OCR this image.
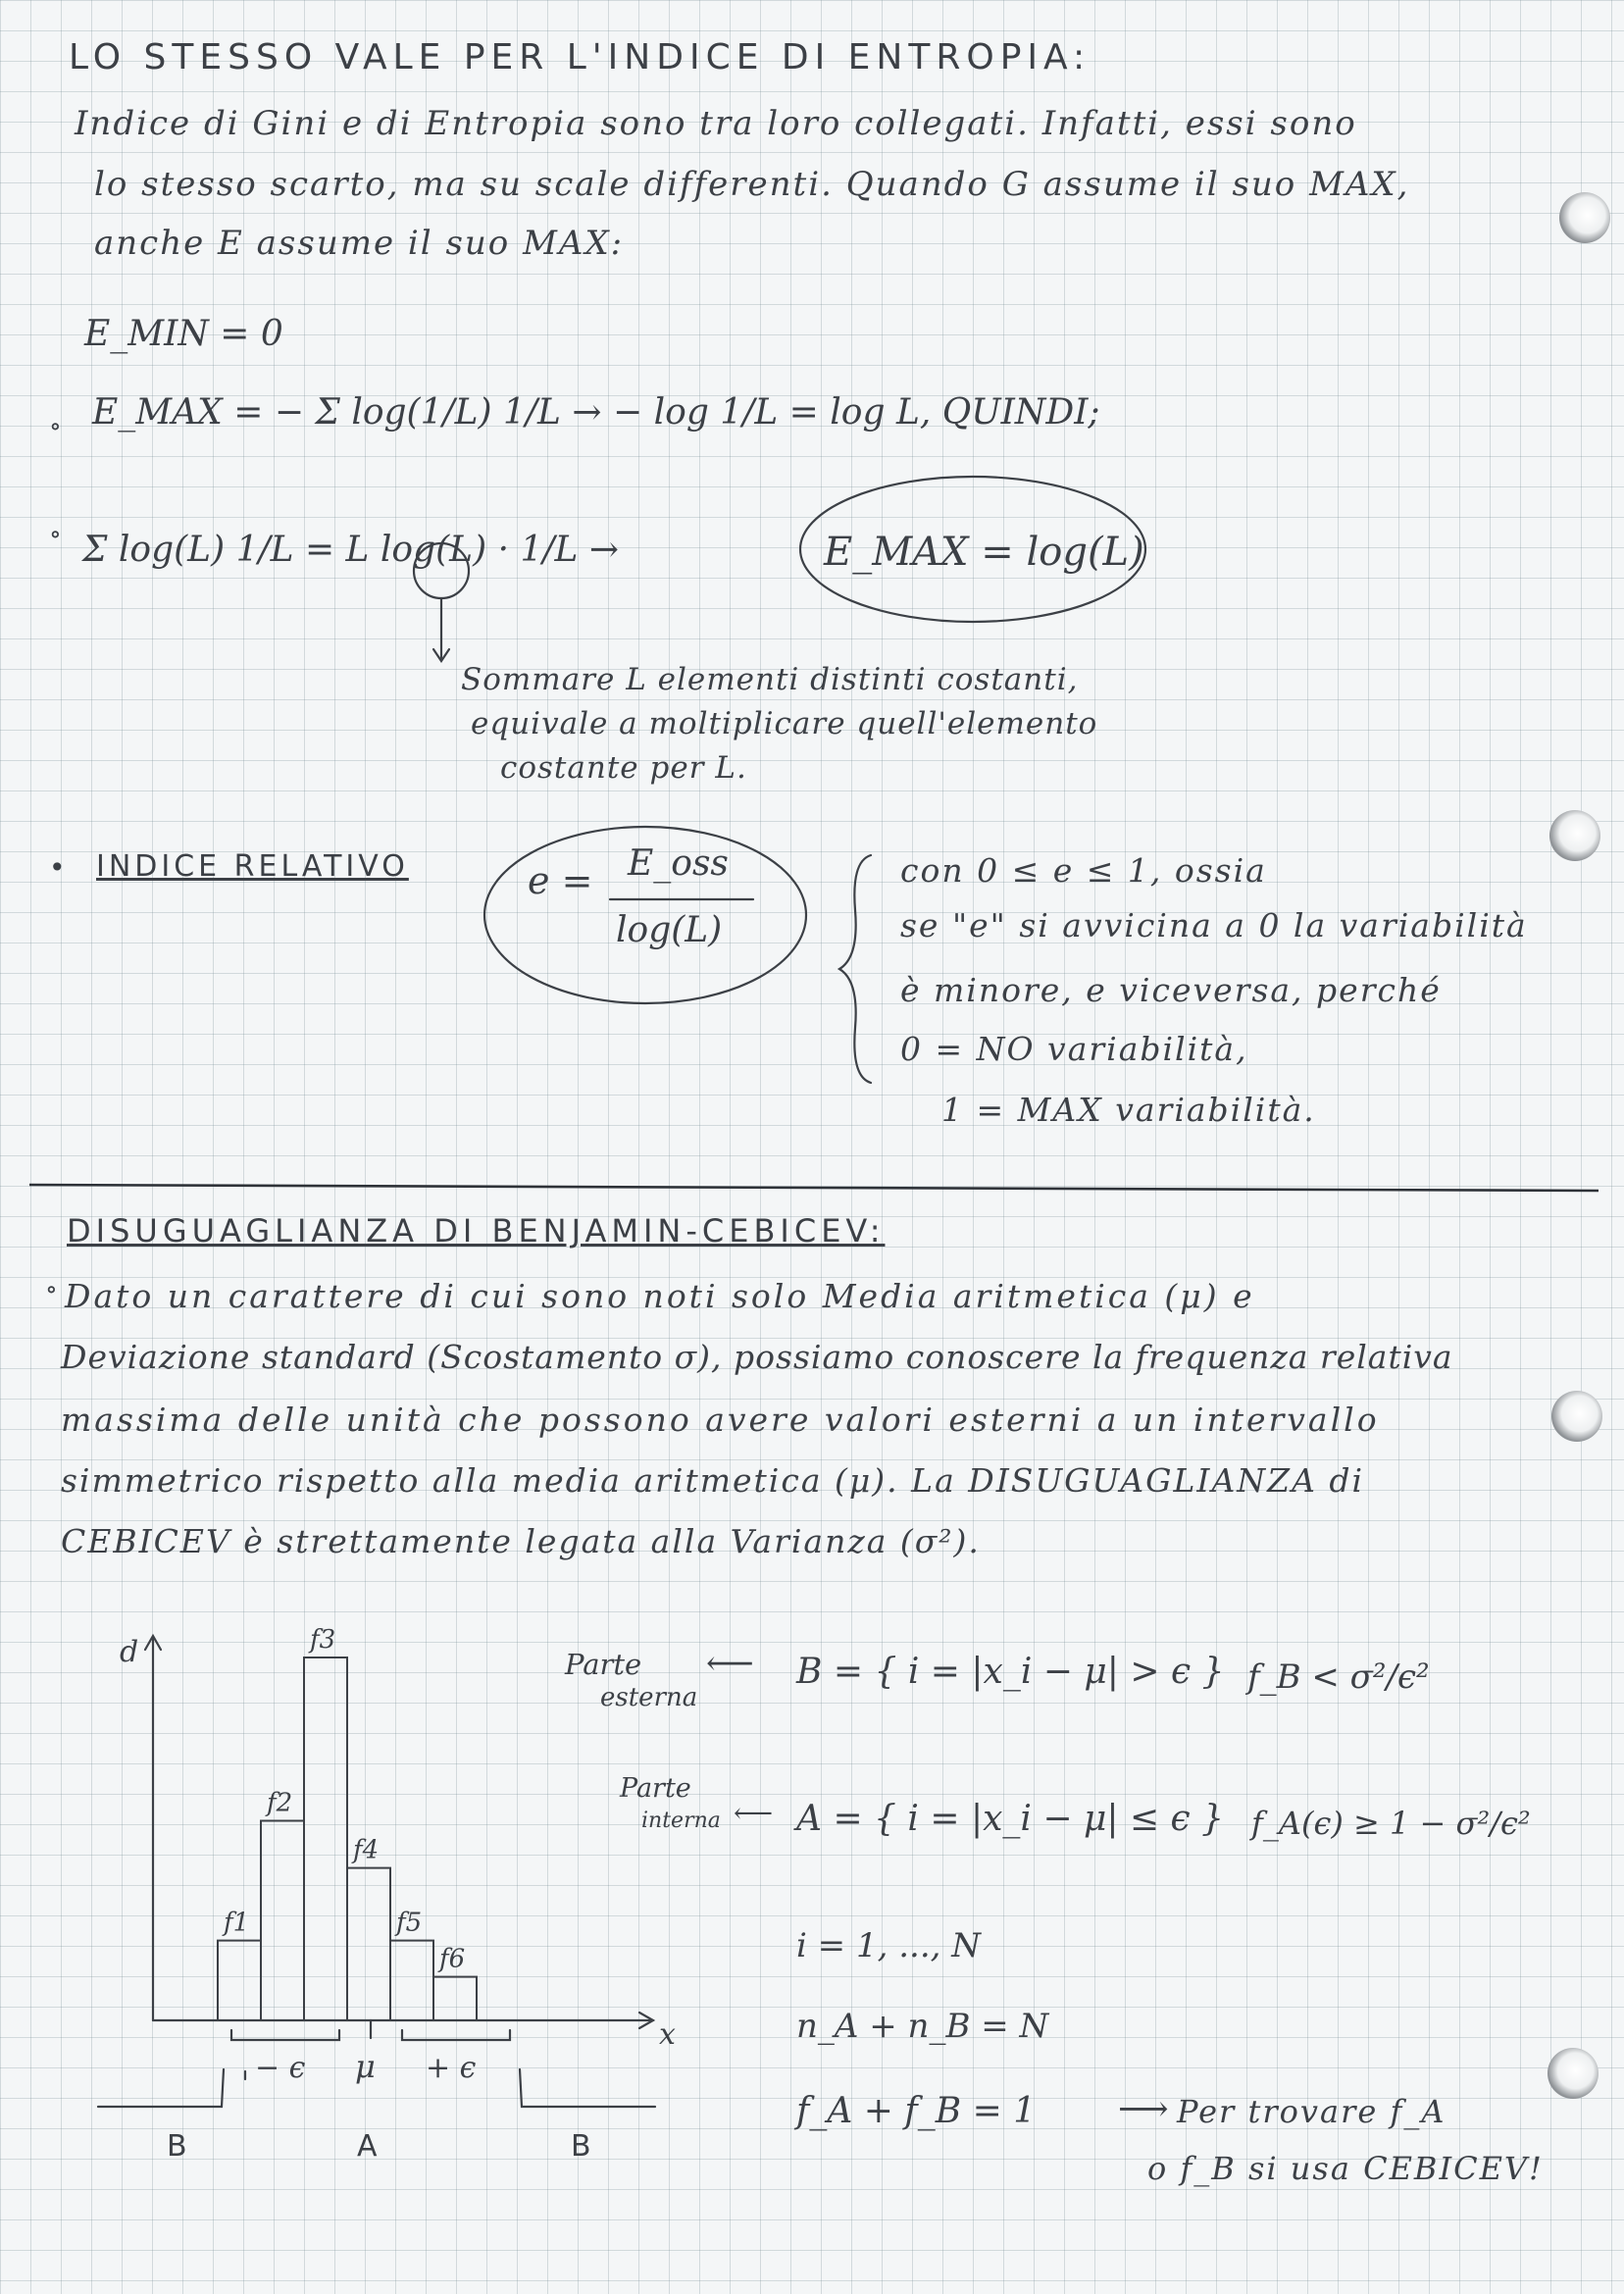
LO STESSO VALE PER L'INDICE DI ENTROPIA:
Indice di Gini e di Entropia sono tra loro collegati. Infatti, essi sono
lo stesso scarto, ma su scale differenti. Quando G assume il suo MAX,
anche E assume il suo MAX:
E_MIN = 0
∘ E_MAX = − Σ log(1/L) 1/L → − log 1/L = log L, QUINDI;
∘ Σ log(L) 1/L = L log(L) · 1/L →	E_MAX = log(L)
Sommare L elementi distinti costanti,
equivale a moltiplicare quell'elemento
costante per L.
• INDICE RELATIVO	e = E_oss
log(L)
con 0 ≤ e ≤ 1, ossia
se "e" si avvicina a 0 la variabilità
è minore, e viceversa, perché
0 = NO variabilità,
1 = MAX variabilità.
DISUGUAGLIANZA DI BENJAMIN-CEBICEV:
∘ Dato un carattere di cui sono noti solo Media aritmetica (μ) e
Deviazione standard (Scostamento σ), possiamo conoscere la frequenza relativa
massima delle unità che possono avere valori esterni a un intervallo
simmetrico rispetto alla media aritmetica (μ). La DISUGUAGLIANZA di
CEBICEV è strettamente legata alla Varianza (σ²).
f1
f2
f3
f4
f5
f6
d
x
− ϵ μ + ϵ
B	A	B
Parte
esterna
⟵ B = { i = |x_i − μ| > ϵ } f_B < σ²/ϵ²
Parte
interna ⟵ A = { i = |x_i − μ| ≤ ϵ } f_A(ϵ) ≥ 1 − σ²/ϵ²
i = 1, ..., N
n_A + n_B = N
f_A + f_B = 1 ⟶ Per trovare f_A
o f_B si usa CEBICEV!
